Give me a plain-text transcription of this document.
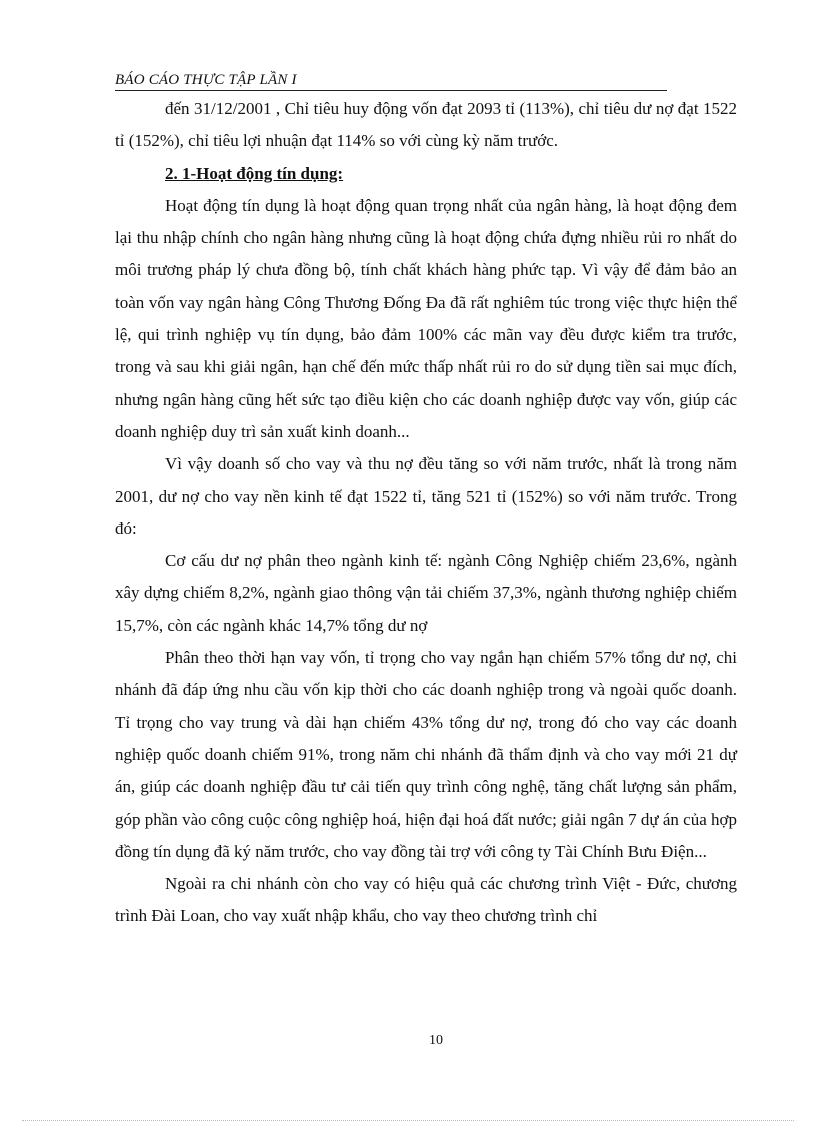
BÁO CÁO THỰC TẬP LẦN I

đến 31/12/2001 , Chỉ tiêu huy động vốn đạt 2093 tỉ (113%), chỉ tiêu dư nợ đạt 1522 tỉ (152%), chỉ tiêu lợi nhuận đạt 114% so với cùng kỳ năm trước.

2. 1-Hoạt động tín dụng:

Hoạt động tín dụng là hoạt động quan trọng nhất của ngân hàng, là hoạt động đem lại thu nhập chính cho ngân hàng nhưng cũng là hoạt động chứa đựng nhiều rủi ro nhất do môi trương pháp lý chưa đồng bộ, tính chất khách hàng phức tạp. Vì vậy để đảm bảo an toàn vốn vay ngân hàng Công Thương Đống Đa đã rất nghiêm túc trong việc thực hiện thể lệ, qui trình nghiệp vụ tín dụng, bảo đảm 100% các mãn vay đều được kiểm tra trước, trong và sau khi giải ngân, hạn chế đến mức thấp nhất rủi ro do sử dụng tiền sai mục đích, nhưng ngân hàng cũng hết sức tạo điều kiện cho các doanh nghiệp được vay vốn, giúp các doanh nghiệp duy trì sản xuất kinh doanh...

Vì vậy doanh số cho vay và thu nợ đều tăng so với năm trước, nhất là trong năm 2001, dư nợ cho vay nền kinh tế đạt 1522 tỉ, tăng 521 tỉ (152%) so với năm trước. Trong đó:

Cơ cấu dư nợ phân theo ngành kinh tế: ngành Công Nghiệp chiếm 23,6%, ngành xây dựng chiếm 8,2%, ngành giao thông vận tải chiếm 37,3%, ngành thương nghiệp chiếm 15,7%, còn các ngành khác 14,7% tổng dư nợ

Phân theo thời hạn vay vốn, tỉ trọng cho vay ngắn hạn chiếm 57% tổng dư nợ, chi nhánh đã đáp ứng nhu cầu vốn kịp thời cho các doanh nghiệp trong và ngoài quốc doanh. Tỉ trọng cho vay trung và dài hạn chiếm 43% tổng dư nợ, trong đó cho vay các doanh nghiệp quốc doanh chiếm 91%, trong năm chi nhánh đã thẩm định và cho vay mới 21 dự án, giúp các doanh nghiệp đầu tư cải tiến quy trình công nghệ, tăng chất lượng sản phẩm, góp phần vào công cuộc công nghiệp hoá, hiện đại hoá đất nước; giải ngân 7 dự án của hợp đồng tín dụng đã ký năm trước, cho vay đồng tài trợ với công ty Tài Chính Bưu Điện...

Ngoài ra chi nhánh còn cho vay có hiệu quả các chương trình Việt - Đức, chương trình Đài Loan, cho vay xuất nhập khẩu, cho vay theo chương trình chỉ

10
